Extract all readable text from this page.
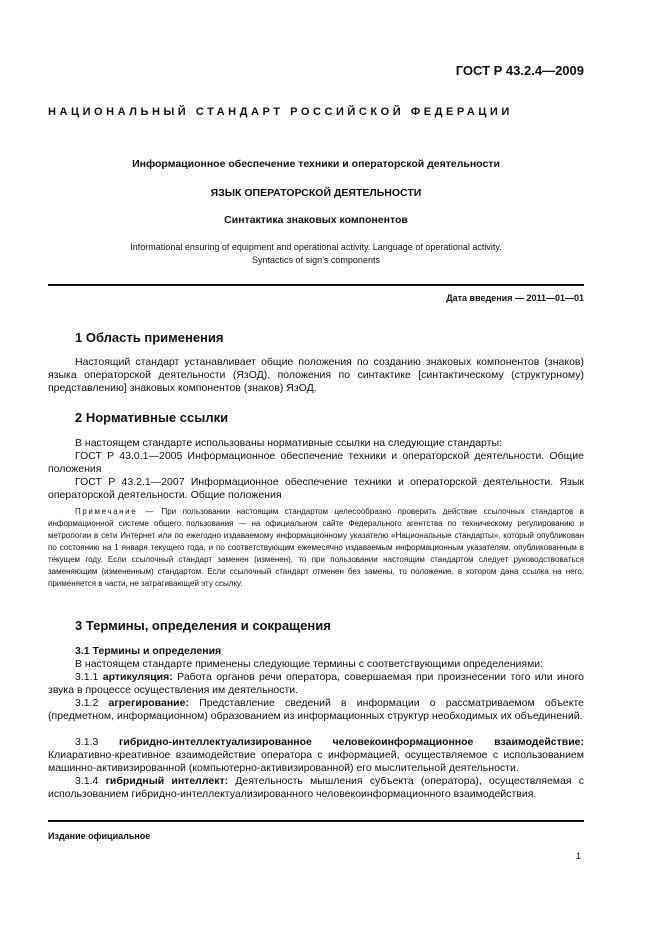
ГОСТ Р 43.2.4—2009
НАЦИОНАЛЬНЫЙ СТАНДАРТ РОССИЙСКОЙ ФЕДЕРАЦИИ
Информационное обеспечение техники и операторской деятельности
ЯЗЫК ОПЕРАТОРСКОЙ ДЕЯТЕЛЬНОСТИ
Синтактика знаковых компонентов
Informational ensuring of equipment and operational activity. Language of operational activity.
Syntactics of sign’s components
Дата введения — 2011—01—01
1 Область применения
Настоящий стандарт устанавливает общие положения по созданию знаковых компонентов (знаков) языка операторской деятельности (ЯзОД), положения по синтактике [синтактическому (структурному) представлению] знаковых компонентов (знаков) ЯзОД.
2 Нормативные ссылки
В настоящем стандарте использованы нормативные ссылки на следующие стандарты:
ГОСТ Р 43.0.1—2005 Информационное обеспечение техники и операторской деятельности. Общие положения
ГОСТ Р 43.2.1—2007 Информационное обеспечение техники и операторской деятельности. Язык операторской деятельности. Общие положения
Примечание — При пользовании настоящим стандартом целесообразно проверить действие ссылочных стандартов в информационной системе общего пользования — на официальном сайте Федерального агентства по техническому регулированию и метрологии в сети Интернет или по ежегодно издаваемому информационному указателю «Национальные стандарты», который опубликован по состоянию на 1 января текущего года, и по соответствующим ежемесячно издаваемым информационным указателям, опубликованным в текущем году. Если ссылочный стандарт заменен (изменен), то при пользовании настоящим стандартом следует руководствоваться заменяющим (измененным) стандартом. Если ссылочный стандарт отменен без замены, то положение, в котором дана ссылка на него, применяется в части, не затрагивающей эту ссылку.
3 Термины, определения и сокращения
3.1 Термины и определения
В настоящем стандарте применены следующие термины с соответствующими определениями:
3.1.1 артикуляция: Работа органов речи оператора, совершаемая при произнесении того или иного звука в процессе осуществления им деятельности.
3.1.2 агрегирование: Представление сведений в информации о рассматриваемом объекте (предметном, информационном) образованием из информационных структур необходимых их объединений.
3.1.3 гибридно-интеллектуализированное человекоинформационное взаимодействие: Клиаративно-креативное взаимодействие оператора с информацией, осуществляемое с использованием машинно-активизированной (компьютерно-активизированной) его мыслительной деятельности.
3.1.4 гибридный интеллект: Деятельность мышления субъекта (оператора), осуществляемая с использованием гибридно-интеллектуализированного человекоинформационного взаимодействия.
Издание официальное
1
